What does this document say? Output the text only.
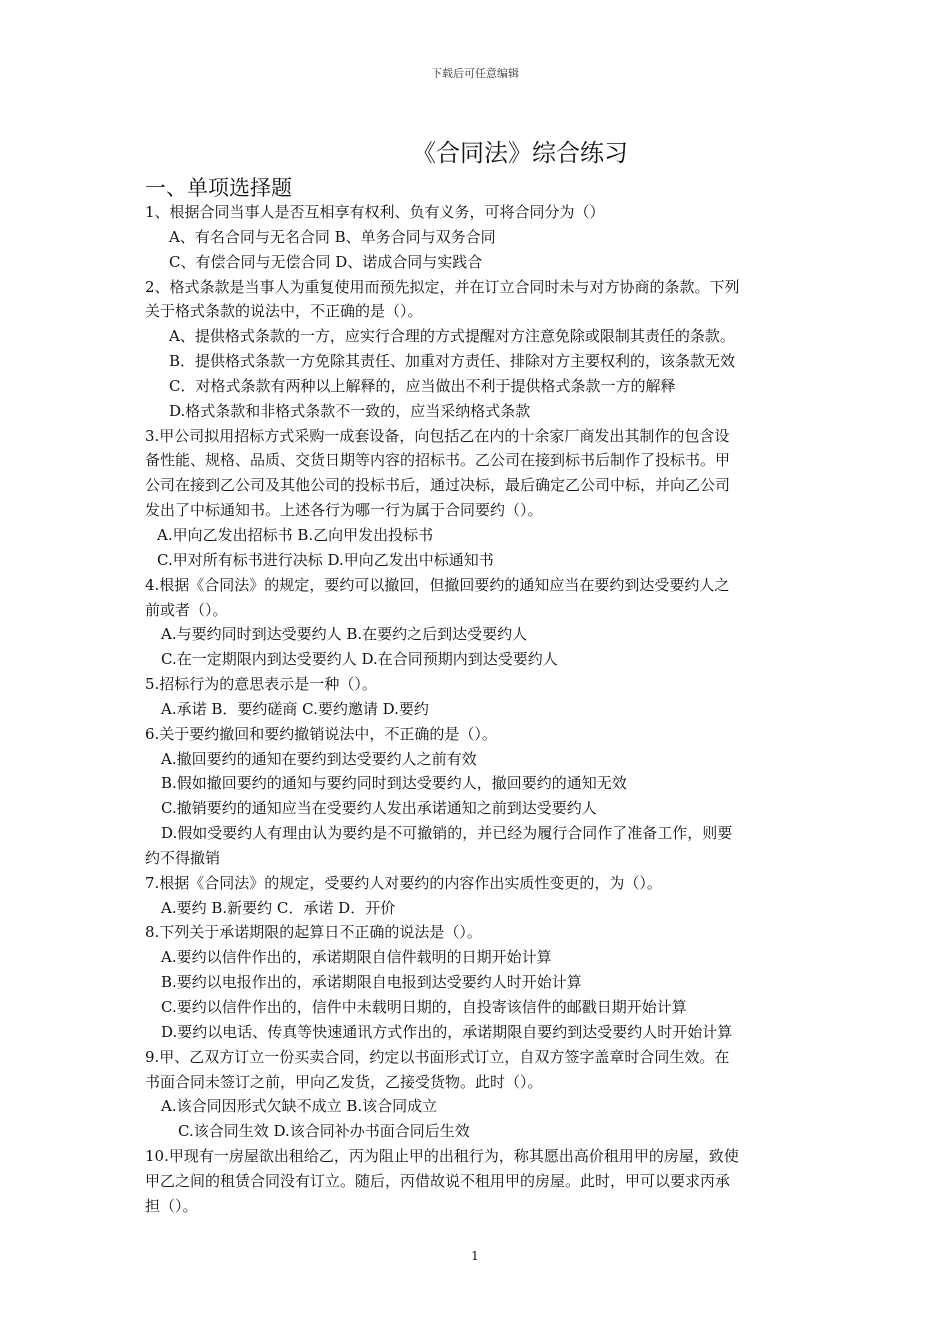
下载后可任意编辑
《合同法》综合练习
一、单项选择题
1、根据合同当事人是否互相享有权利、负有义务，可将合同分为（）
A、有名合同与无名合同 B、单务合同与双务合同
C、有偿合同与无偿合同 D、诺成合同与实践合
2、格式条款是当事人为重复使用而预先拟定，并在订立合同时未与对方协商的条款。下列
关于格式条款的说法中，不正确的是（）。
A、提供格式条款的一方，应实行合理的方式提醒对方注意免除或限制其责任的条款。
B．提供格式条款一方免除其责任、加重对方责任、排除对方主要权利的，该条款无效
C．对格式条款有两种以上解释的，应当做出不利于提供格式条款一方的解释
D.格式条款和非格式条款不一致的，应当采纳格式条款
3.甲公司拟用招标方式采购一成套设备，向包括乙在内的十余家厂商发出其制作的包含设
备性能、规格、品质、交货日期等内容的招标书。乙公司在接到标书后制作了投标书。甲
公司在接到乙公司及其他公司的投标书后，通过决标，最后确定乙公司中标，并向乙公司
发出了中标通知书。上述各行为哪一行为属于合同要约（）。
A.甲向乙发出招标书 B.乙向甲发出投标书
C.甲对所有标书进行决标 D.甲向乙发出中标通知书
4.根据《合同法》的规定，要约可以撤回，但撤回要约的通知应当在要约到达受要约人之
前或者（）。
A.与要约同时到达受要约人 B.在要约之后到达受要约人
C.在一定期限内到达受要约人 D.在合同预期内到达受要约人
5.招标行为的意思表示是一种（）。
A.承诺 B．要约磋商 C.要约邀请 D.要约
6.关于要约撤回和要约撤销说法中，不正确的是（）。
A.撤回要约的通知在要约到达受要约人之前有效
B.假如撤回要约的通知与要约同时到达受要约人，撤回要约的通知无效
C.撤销要约的通知应当在受要约人发出承诺通知之前到达受要约人
D.假如受要约人有理由认为要约是不可撤销的，并已经为履行合同作了准备工作，则要
约不得撤销
7.根据《合同法》的规定，受要约人对要约的内容作出实质性变更的，为（）。
A.要约 B.新要约 C．承诺 D．开价
8.下列关于承诺期限的起算日不正确的说法是（）。
A.要约以信件作出的，承诺期限自信件载明的日期开始计算
B.要约以电报作出的，承诺期限自电报到达受要约人时开始计算
C.要约以信件作出的，信件中未载明日期的，自投寄该信件的邮戳日期开始计算
D.要约以电话、传真等快速通讯方式作出的，承诺期限自要约到达受要约人时开始计算
9.甲、乙双方订立一份买卖合同，约定以书面形式订立，自双方签字盖章时合同生效。在
书面合同未签订之前，甲向乙发货，乙接受货物。此时（）。
A.该合同因形式欠缺不成立 B.该合同成立
C.该合同生效 D.该合同补办书面合同后生效
10.甲现有一房屋欲出租给乙，丙为阻止甲的出租行为，称其愿出高价租用甲的房屋，致使
甲乙之间的租赁合同没有订立。随后，丙借故说不租用甲的房屋。此时，甲可以要求丙承
担（）。
1
